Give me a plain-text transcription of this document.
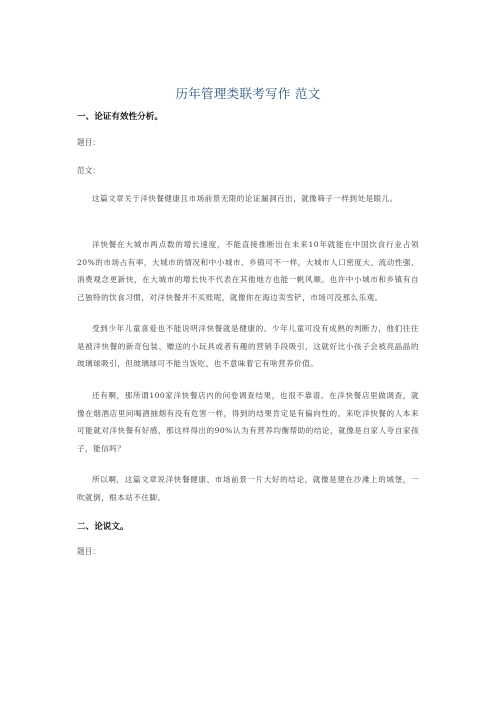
历年管理类联考写作 范文
一、论证有效性分析。
题目：
范文：
这篇文章关于洋快餐健康且市场前景无限的论证漏洞百出，就像筛子一样到处是眼儿。
洋快餐在大城市两点数的增长速度，不能直接推断出在未来10年就能在中国饮食行业占领20%的市场占有率，大城市的情况和中小城市、乡镇可不一样，大城市人口密度大、流动性强、消费观念更新快，在大城市的增长快不代表在其他地方也能一帆风顺。也许中小城市和乡镇有自己独特的饮食习惯，对洋快餐并不买账呢，就像你在海边卖雪铲，市场可没那么乐观。
受到少年儿童喜爱也不能说明洋快餐就是健康的。少年儿童可没有成熟的判断力，他们往往是被洋快餐的新奇包装、赠送的小玩具或者有趣的营销手段吸引，这就好比小孩子会被亮晶晶的玻璃球吸引，但玻璃球可不能当饭吃，也不意味着它有啥营养价值。
还有啊，那所谓100家洋快餐店内的问卷调查结果，也很不靠谱。在洋快餐店里做调查，就像在烟酒店里问喝酒抽烟有没有危害一样，得到的结果肯定是有偏向性的。来吃洋快餐的人本来可能就对洋快餐有好感，那这样得出的90%认为有营养均衡帮助的结论，就像是自家人夸自家孩子，能信吗？
所以啊，这篇文章说洋快餐健康、市场前景一片大好的结论，就像是建在沙滩上的城堡，一吹就倒，根本站不住脚。
二、论说文。
题目：
